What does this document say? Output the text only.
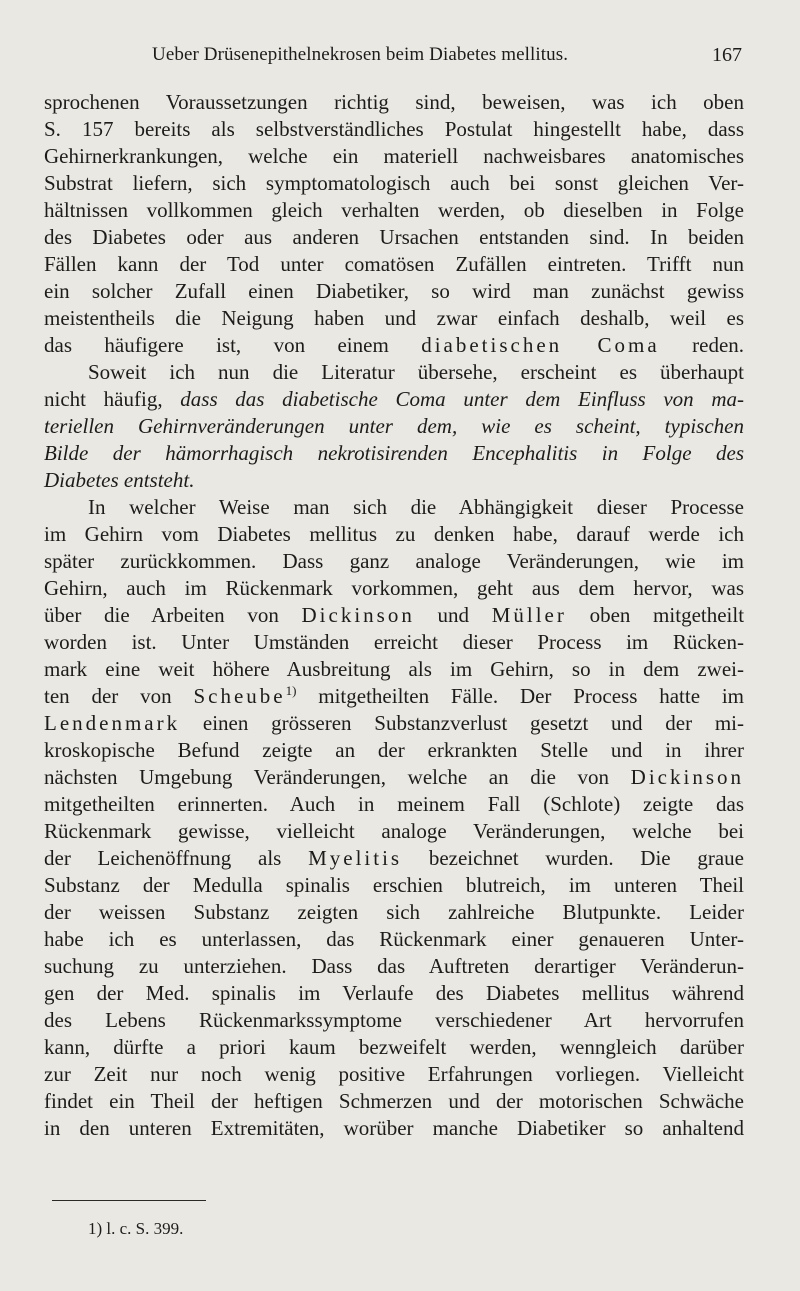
Ueber Drüsenepithelnekrosen beim Diabetes mellitus.	167
sprochenen Voraussetzungen richtig sind, beweisen, was ich oben
S. 157 bereits als selbstverständliches Postulat hingestellt habe, dass
Gehirnerkrankungen, welche ein materiell nachweisbares anatomisches
Substrat liefern, sich symptomatologisch auch bei sonst gleichen Ver-
hältnissen vollkommen gleich verhalten werden, ob dieselben in Folge
des Diabetes oder aus anderen Ursachen entstanden sind. In beiden
Fällen kann der Tod unter comatösen Zufällen eintreten. Trifft nun
ein solcher Zufall einen Diabetiker, so wird man zunächst gewiss
meistentheils die Neigung haben und zwar einfach deshalb, weil es
das häufigere ist, von einem diabetischen Coma reden.
Soweit ich nun die Literatur übersehe, erscheint es überhaupt
nicht häufig, dass das diabetische Coma unter dem Einfluss von ma-
teriellen Gehirnveränderungen unter dem, wie es scheint, typischen
Bilde der hämorrhagisch nekrotisirenden Encephalitis in Folge des
Diabetes entsteht.
In welcher Weise man sich die Abhängigkeit dieser Processe
im Gehirn vom Diabetes mellitus zu denken habe, darauf werde ich
später zurückkommen. Dass ganz analoge Veränderungen, wie im
Gehirn, auch im Rückenmark vorkommen, geht aus dem hervor, was
über die Arbeiten von Dickinson und Müller oben mitgetheilt
worden ist. Unter Umständen erreicht dieser Process im Rücken-
mark eine weit höhere Ausbreitung als im Gehirn, so in dem zwei-
ten der von Scheube$^{1)}$ mitgetheilten Fälle. Der Process hatte im
Lendenmark einen grösseren Substanzverlust gesetzt und der mi-
kroskopische Befund zeigte an der erkrankten Stelle und in ihrer
nächsten Umgebung Veränderungen, welche an die von Dickinson
mitgetheilten erinnerten. Auch in meinem Fall (Schlote) zeigte das
Rückenmark gewisse, vielleicht analoge Veränderungen, welche bei
der Leichenöffnung als Myelitis bezeichnet wurden. Die graue
Substanz der Medulla spinalis erschien blutreich, im unteren Theil
der weissen Substanz zeigten sich zahlreiche Blutpunkte. Leider
habe ich es unterlassen, das Rückenmark einer genaueren Unter-
suchung zu unterziehen. Dass das Auftreten derartiger Veränderun-
gen der Med. spinalis im Verlaufe des Diabetes mellitus während
des Lebens Rückenmarkssymptome verschiedener Art hervorrufen
kann, dürfte a priori kaum bezweifelt werden, wenngleich darüber
zur Zeit nur noch wenig positive Erfahrungen vorliegen. Vielleicht
findet ein Theil der heftigen Schmerzen und der motorischen Schwäche
in den unteren Extremitäten, worüber manche Diabetiker so anhaltend
1) l. c. S. 399.
